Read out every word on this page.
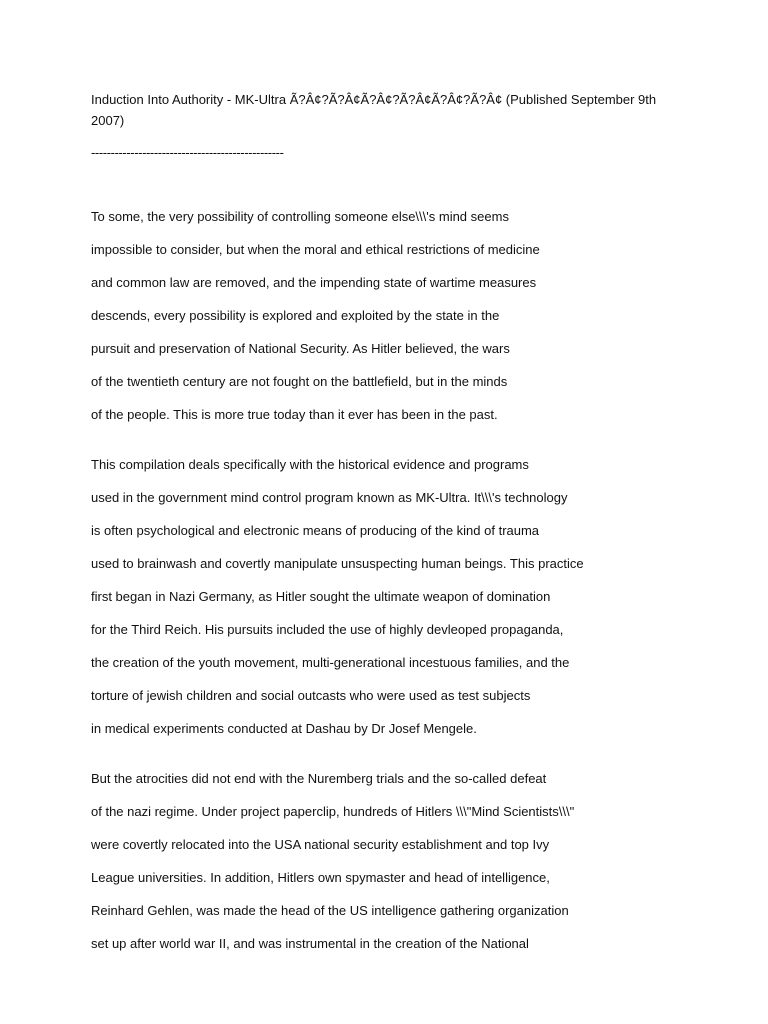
Induction Into Authority - MK-Ultra Ã?Â¢?Ã?Â¢Ã?Â¢?Ã?Â¢Ã?Â¢?Ã?Â¢ (Published September 9th
2007)

-------------------------------------------------

To some, the very possibility of controlling someone else\\\'s mind seems
impossible to consider, but when the moral and ethical restrictions of medicine
and common law are removed, and the impending state of wartime measures
descends, every possibility is explored and exploited by the state in the
pursuit and preservation of National Security. As Hitler believed, the wars
of the twentieth century are not fought on the battlefield, but in the minds
of the people. This is more true today than it ever has been in the past.
This compilation deals specifically with the historical evidence and programs
used in the government mind control program known as MK-Ultra. It\\\'s technology
is often psychological and electronic means of producing of the kind of trauma
used to brainwash and covertly manipulate unsuspecting human beings. This practice
first began in Nazi Germany, as Hitler sought the ultimate weapon of domination
for the Third Reich. His pursuits included the use of highly devleoped propaganda,
the creation of the youth movement, multi-generational incestuous families, and the
torture of jewish children and social outcasts who were used as test subjects
in medical experiments conducted at Dashau by Dr Josef Mengele.
But the atrocities did not end with the Nuremberg trials and the so-called defeat
of the nazi regime. Under project paperclip, hundreds of Hitlers \\\"Mind Scientists\\\"
were covertly relocated into the USA national security establishment and top Ivy
League universities. In addition, Hitlers own spymaster and head of intelligence,
Reinhard Gehlen, was made the head of the US intelligence gathering organization
set up after world war II, and was instrumental in the creation of the National
